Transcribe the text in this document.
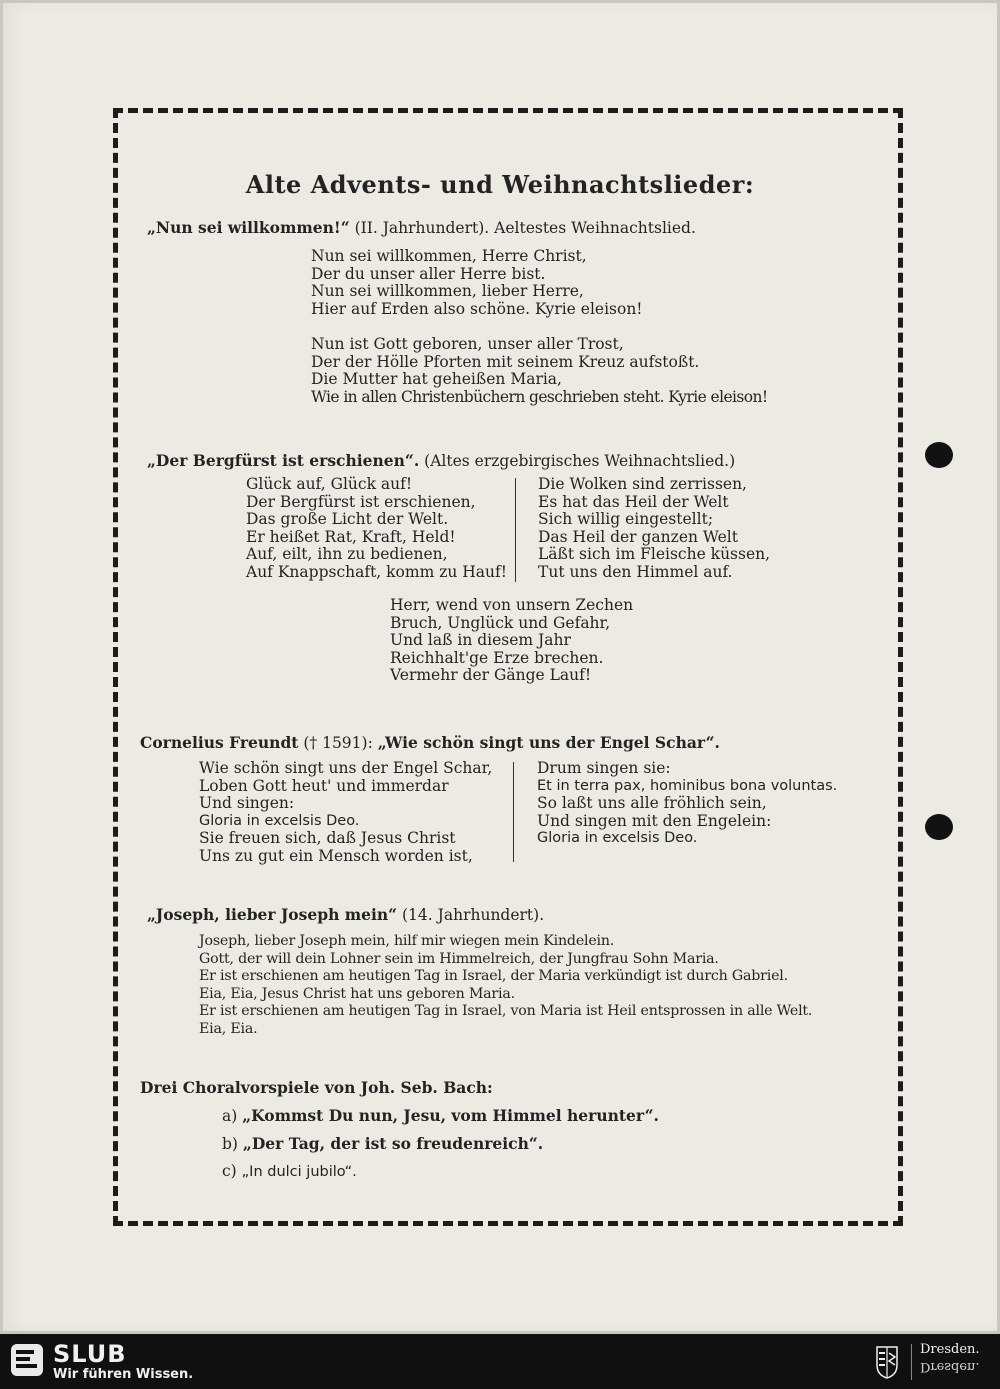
Alte Advents- und Weihnachtslieder:
„Nun sei willkommen!“ (II. Jahrhundert). Aeltestes Weihnachtslied.
Nun sei willkommen, Herre Christ,
Der du unser aller Herre bist.
Nun sei willkommen, lieber Herre,
Hier auf Erden also schöne. Kyrie eleison!
Nun ist Gott geboren, unser aller Trost,
Der der Hölle Pforten mit seinem Kreuz aufstoßt.
Die Mutter hat geheißen Maria,
Wie in allen Christenbüchern geschrieben steht. Kyrie eleison!
„Der Bergfürst ist erschienen“. (Altes erzgebirgisches Weihnachtslied.)
Glück auf, Glück auf!
Der Bergfürst ist erschienen,
Das große Licht der Welt.
Er heißet Rat, Kraft, Held!
Auf, eilt, ihn zu bedienen,
Auf Knappschaft, komm zu Hauf!
Die Wolken sind zerrissen,
Es hat das Heil der Welt
Sich willig eingestellt;
Das Heil der ganzen Welt
Läßt sich im Fleische küssen,
Tut uns den Himmel auf.
Herr, wend von unsern Zechen
Bruch, Unglück und Gefahr,
Und laß in diesem Jahr
Reichhalt'ge Erze brechen.
Vermehr der Gänge Lauf!
Cornelius Freundt († 1591): „Wie schön singt uns der Engel Schar“.
Wie schön singt uns der Engel Schar,
Loben Gott heut' und immerdar
Und singen:
Gloria in excelsis Deo.
Sie freuen sich, daß Jesus Christ
Uns zu gut ein Mensch worden ist,
Drum singen sie:
Et in terra pax, hominibus bona voluntas.
So laßt uns alle fröhlich sein,
Und singen mit den Engelein:
Gloria in excelsis Deo.
„Joseph, lieber Joseph mein“ (14. Jahrhundert).
Joseph, lieber Joseph mein, hilf mir wiegen mein Kindelein.
Gott, der will dein Lohner sein im Himmelreich, der Jungfrau Sohn Maria.
Er ist erschienen am heutigen Tag in Israel, der Maria verkündigt ist durch Gabriel.
Eia, Eia, Jesus Christ hat uns geboren Maria.
Er ist erschienen am heutigen Tag in Israel, von Maria ist Heil entsprossen in alle Welt.
Eia, Eia.
Drei Choralvorspiele von Joh. Seb. Bach:
a) „Kommst Du nun, Jesu, vom Himmel herunter“.
b) „Der Tag, der ist so freudenreich“.
c) „In dulci jubilo“.
SLUB
Wir führen Wissen.
Dresden.
Dresden.
